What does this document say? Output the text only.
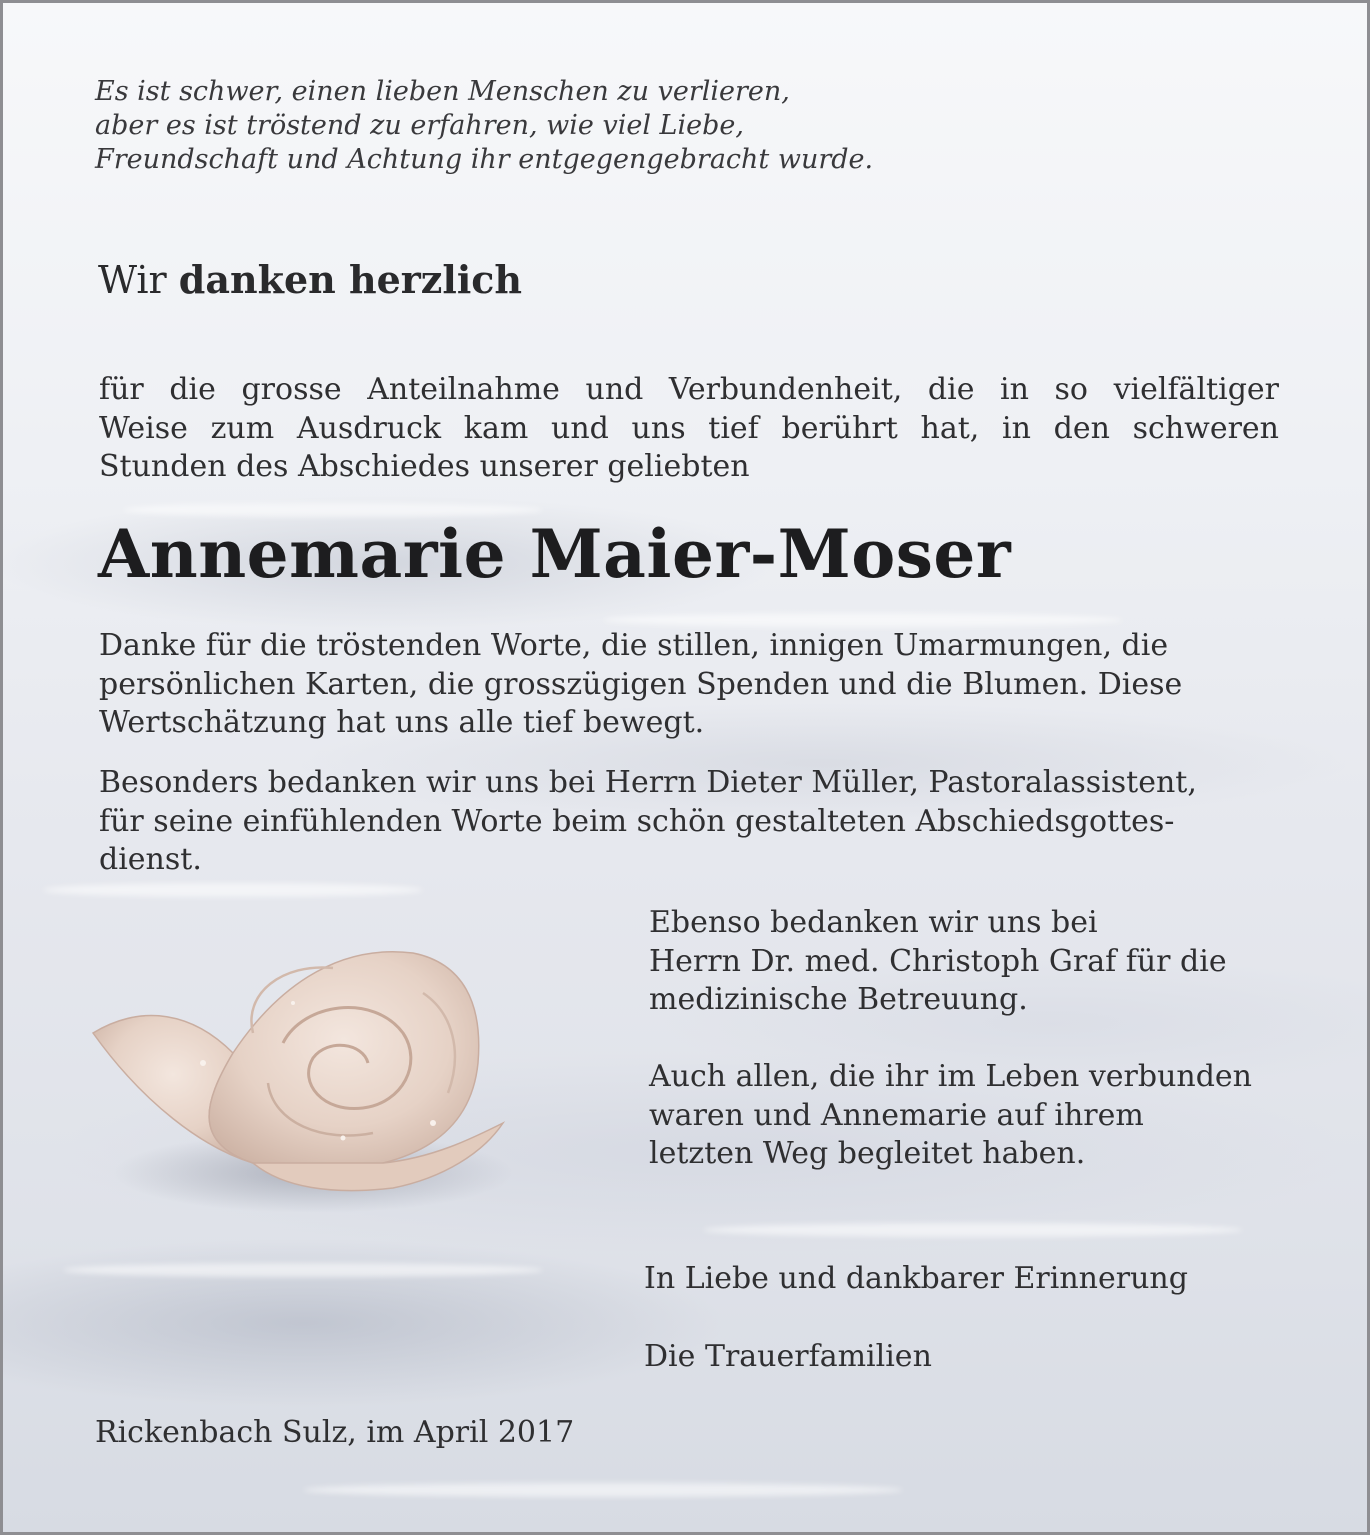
Es ist schwer, einen lieben Menschen zu verlieren,
aber es ist tröstend zu erfahren, wie viel Liebe,
Freundschaft und Achtung ihr entgegengebracht wurde.

Wir danken herzlich

für die grosse Anteilnahme und Verbundenheit, die in so vielfältiger
Weise zum Ausdruck kam und uns tief berührt hat, in den schweren
Stunden des Abschiedes unserer geliebten

Annemarie Maier-Moser

Danke für die tröstenden Worte, die stillen, innigen Umarmungen, die
persönlichen Karten, die grosszügigen Spenden und die Blumen. Diese
Wertschätzung hat uns alle tief bewegt.

Besonders bedanken wir uns bei Herrn Dieter Müller, Pastoralassistent,
für seine einfühlenden Worte beim schön gestalteten Abschiedsgottes-
dienst.

Ebenso bedanken wir uns bei
Herrn Dr. med. Christoph Graf für die
medizinische Betreuung.

Auch allen, die ihr im Leben verbunden
waren und Annemarie auf ihrem
letzten Weg begleitet haben.

In Liebe und dankbarer Erinnerung

Die Trauerfamilien

Rickenbach Sulz, im April 2017
